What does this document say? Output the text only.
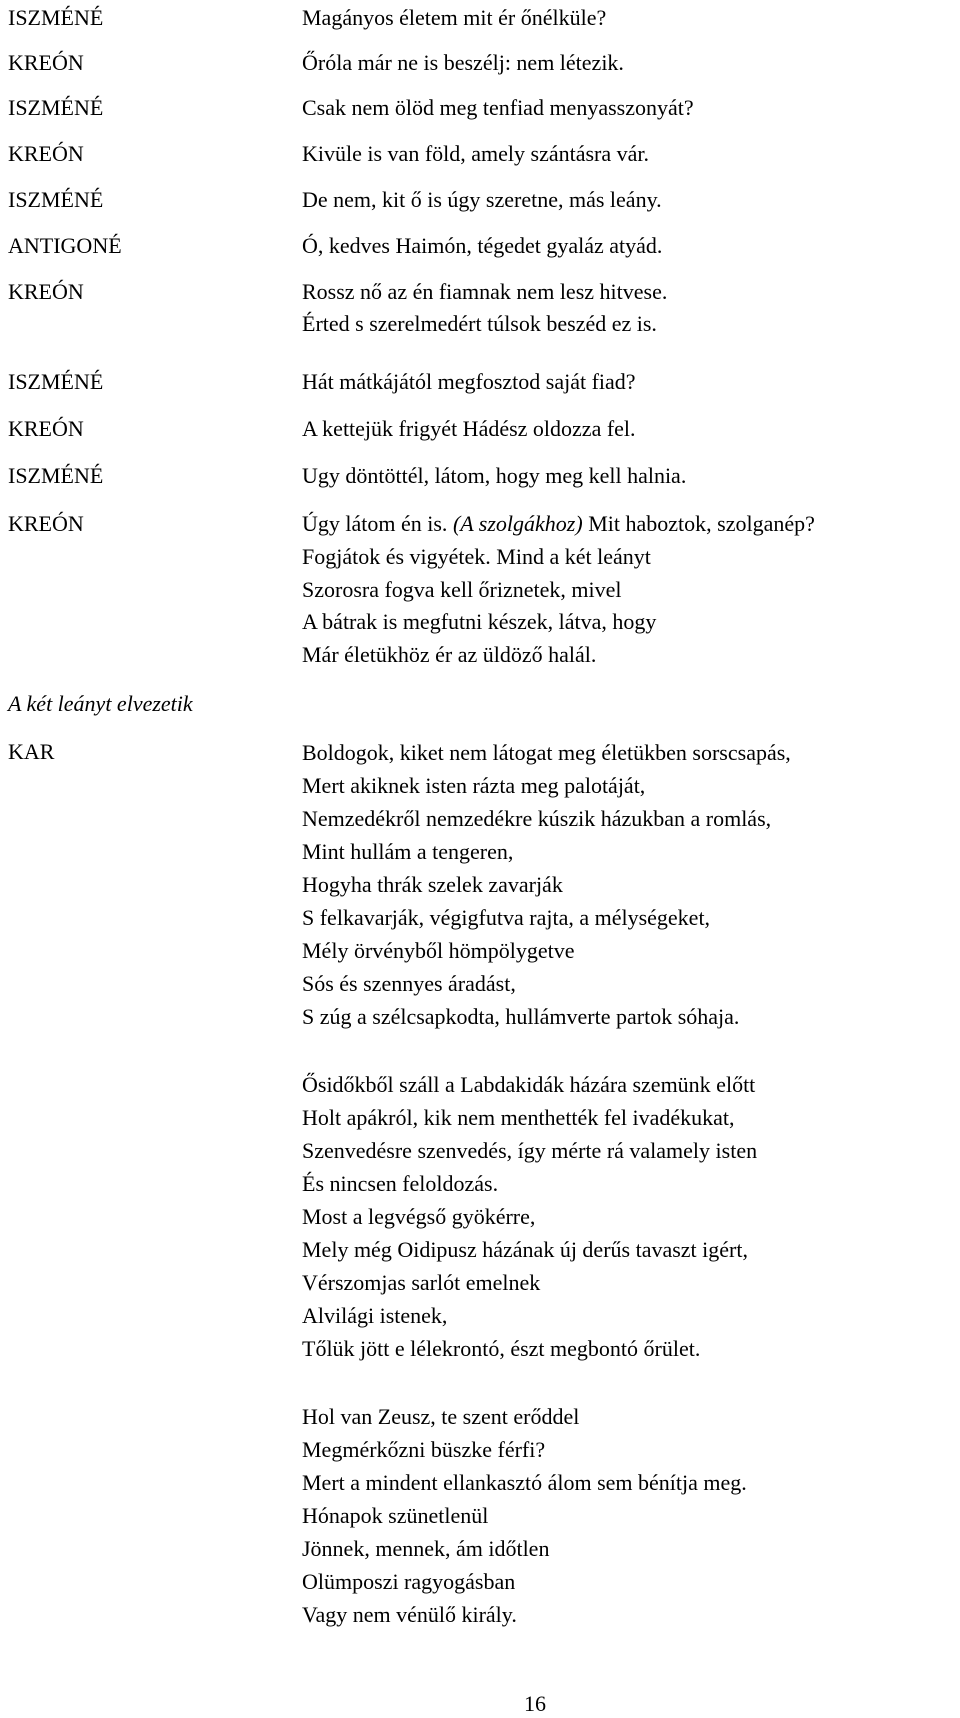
ISZMÉNÉ	Magányos életem mit ér őnélküle?
KREÓN	Őróla már ne is beszélj: nem létezik.
ISZMÉNÉ	Csak nem ölöd meg tenfiad menyasszonyát?
KREÓN	Kivüle is van föld, amely szántásra vár.
ISZMÉNÉ	De nem, kit ő is úgy szeretne, más leány.
ANTIGONÉ	Ó, kedves Haimón, tégedet gyaláz atyád.
KREÓN	Rossz nő az én fiamnak nem lesz hitvese.
Érted s szerelmedért túlsok beszéd ez is.
ISZMÉNÉ	Hát mátkájától megfosztod saját fiad?
KREÓN	A kettejük frigyét Hádész oldozza fel.
ISZMÉNÉ	Ugy döntöttél, látom, hogy meg kell halnia.
KREÓN	Úgy látom én is. (A szolgákhoz) Mit haboztok, szolganép?
Fogjátok és vigyétek. Mind a két leányt
Szorosra fogva kell őriznetek, mivel
A bátrak is megfutni készek, látva, hogy
Már életükhöz ér az üldöző halál.
A két leányt elvezetik
KAR	Boldogok, kiket nem látogat meg életükben sorscsapás,
Mert akiknek isten rázta meg palotáját,
Nemzedékről nemzedékre kúszik házukban a romlás,
Mint hullám a tengeren,
Hogyha thrák szelek zavarják
S felkavarják, végigfutva rajta, a mélységeket,
Mély örvényből hömpölygetve
Sós és szennyes áradást,
S zúg a szélcsapkodta, hullámverte partok sóhaja.
Ősidőkből száll a Labdakidák házára szemünk előtt
Holt apákról, kik nem menthették fel ivadékukat,
Szenvedésre szenvedés, így mérte rá valamely isten
És nincsen feloldozás.
Most a legvégső gyökérre,
Mely még Oidipusz házának új derűs tavaszt igért,
Vérszomjas sarlót emelnek
Alvilági istenek,
Tőlük jött e lélekrontó, észt megbontó őrület.
Hol van Zeusz, te szent erőddel
Megmérkőzni büszke férfi?
Mert a mindent ellankasztó álom sem bénítja meg.
Hónapok szünetlenül
Jönnek, mennek, ám időtlen
Olümposzi ragyogásban
Vagy nem vénülő király.
16
